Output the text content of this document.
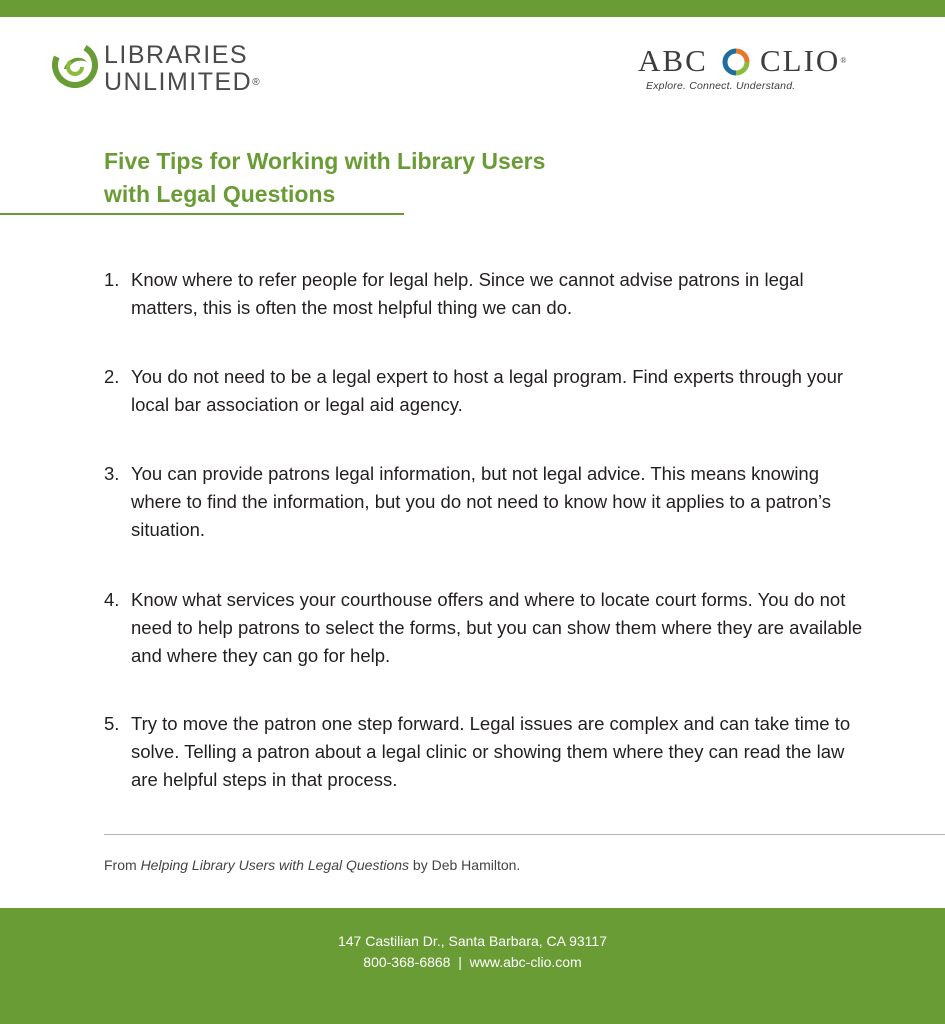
LIBRARIES
UNLIMITED®
ABC CLIO®
Explore. Connect. Understand.
Five Tips for Working with Library Users
with Legal Questions
1. Know where to refer people for legal help. Since we cannot advise patrons in legal matters, this is often the most helpful thing we can do.
2. You do not need to be a legal expert to host a legal program. Find experts through your local bar association or legal aid agency.
3. You can provide patrons legal information, but not legal advice. This means knowing where to find the information, but you do not need to know how it applies to a patron’s situation.
4. Know what services your courthouse offers and where to locate court forms. You do not need to help patrons to select the forms, but you can show them where they are available and where they can go for help.
5. Try to move the patron one step forward. Legal issues are complex and can take time to solve. Telling a patron about a legal clinic or showing them where they can read the law are helpful steps in that process.
From Helping Library Users with Legal Questions by Deb Hamilton.
147 Castilian Dr., Santa Barbara, CA 93117
800-368-6868  |  www.abc-clio.com
